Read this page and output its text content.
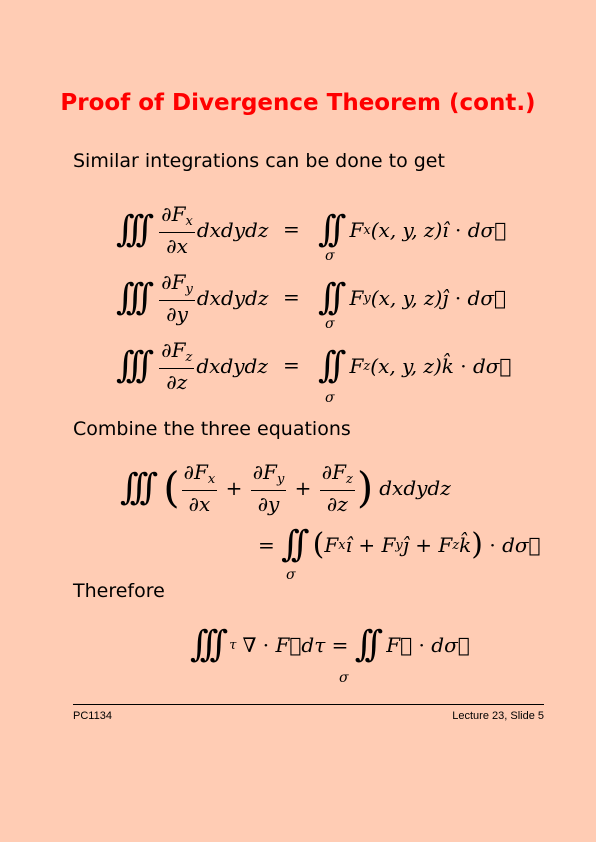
Proof of Divergence Theorem (cont.)
Similar integrations can be done to get
∫∫∫ $\frac{\partial F_x}{\partial x}$ dxdydz = ∫∫ F x (x, y, z) î · d σ⃗
σ
∫∫∫ $\frac{\partial F_y}{\partial y}$ dxdydz = ∫∫ F y (x, y, z) ĵ · d σ⃗
σ
∫∫∫ $\frac{\partial F_z}{\partial z}$ dxdydz = ∫∫ F z (x, y, z) k̂ · d σ⃗
σ
Combine the three equations
∫∫∫ ( $\frac{\partial F_x}{\partial x} + \frac{\partial F_y}{\partial y} + \frac{\partial F_z}{\partial z}$ ) dxdydz
= ∫∫ ( F x î + F y ĵ + F z k̂ ) · d σ⃗
σ
Therefore
∫∫∫ τ ∇ · F⃗ dτ = ∫∫ F⃗ · d σ⃗
σ
PC1134	Lecture 23, Slide 5
